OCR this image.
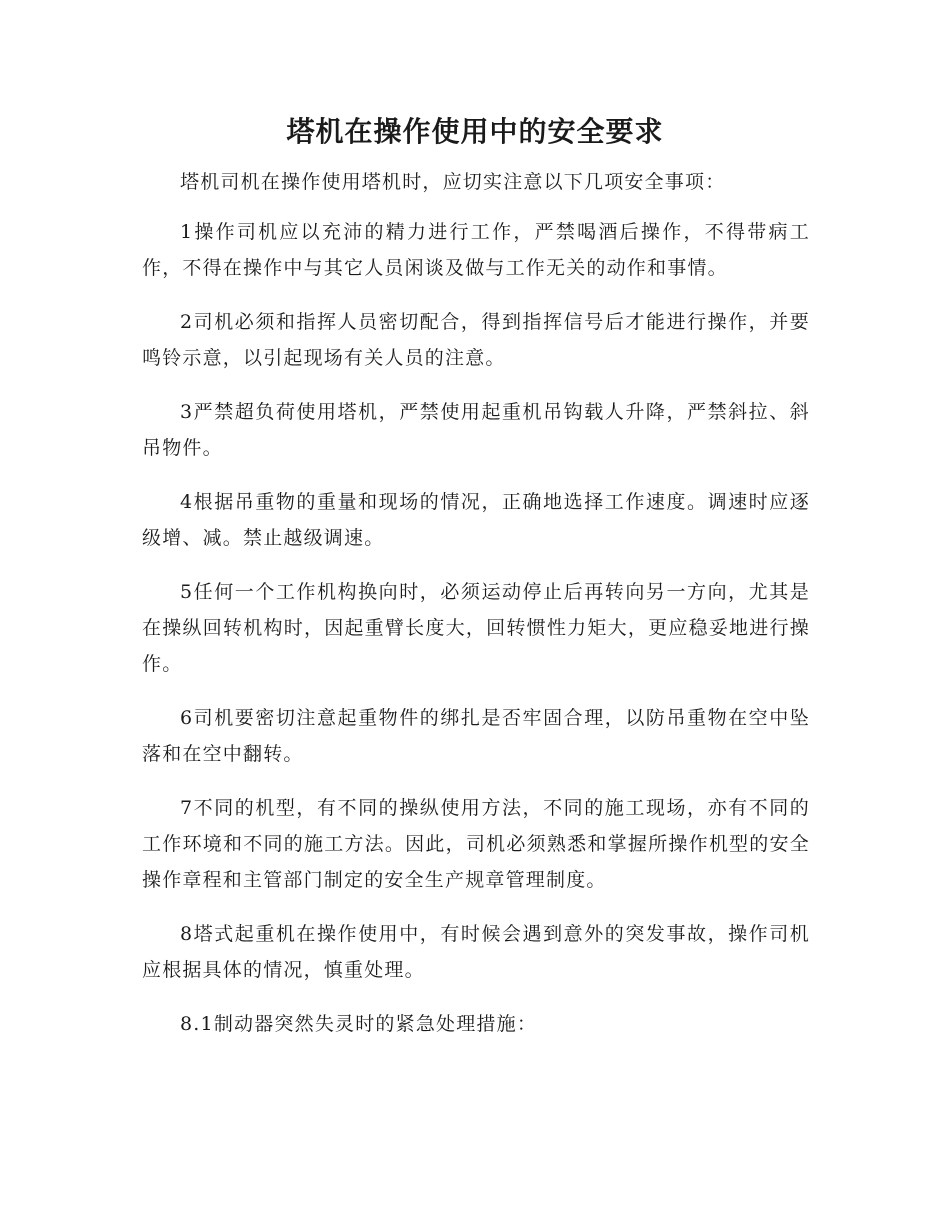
塔机在操作使用中的安全要求

塔机司机在操作使用塔机时，应切实注意以下几项安全事项：

1操作司机应以充沛的精力进行工作，严禁喝酒后操作，不得带病工作，不得在操作中与其它人员闲谈及做与工作无关的动作和事情。

2司机必须和指挥人员密切配合，得到指挥信号后才能进行操作，并要鸣铃示意，以引起现场有关人员的注意。

3严禁超负荷使用塔机，严禁使用起重机吊钩载人升降，严禁斜拉、斜吊物件。

4根据吊重物的重量和现场的情况，正确地选择工作速度。调速时应逐级增、减。禁止越级调速。

5任何一个工作机构换向时，必须运动停止后再转向另一方向，尤其是在操纵回转机构时，因起重臂长度大，回转惯性力矩大，更应稳妥地进行操作。

6司机要密切注意起重物件的绑扎是否牢固合理，以防吊重物在空中坠落和在空中翻转。

7不同的机型，有不同的操纵使用方法，不同的施工现场，亦有不同的工作环境和不同的施工方法。因此，司机必须熟悉和掌握所操作机型的安全操作章程和主管部门制定的安全生产规章管理制度。

8塔式起重机在操作使用中，有时候会遇到意外的突发事故，操作司机应根据具体的情况，慎重处理。

8.1制动器突然失灵时的紧急处理措施：
